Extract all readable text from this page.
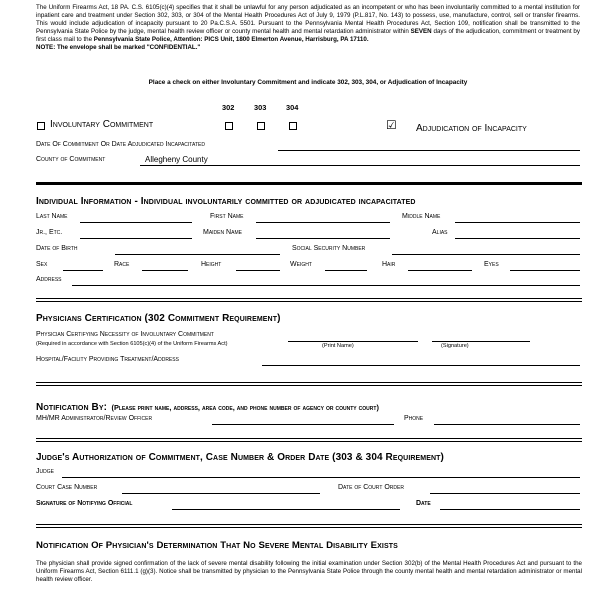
The Uniform Firearms Act, 18 PA. C.S. 6105(c)(4) specifies that it shall be unlawful for any person adjudicated as an incompetent or who has been involuntarily committed to a mental institution for inpatient care and treatment under Section 302, 303, or 304 of the Mental Health Procedures Act of July 9, 1979 (P.L.817, No. 143) to possess, use, manufacture, control, sell or transfer firearms. This would include adjudication of incapacity pursuant to 20 Pa.C.S.A. 5501. Pursuant to the Pennsylvania Mental Health Procedures Act, Section 109, notification shall be transmitted to the Pennsylvania State Police by the judge, mental health review officer or county mental health and mental retardation administrator within SEVEN days of the adjudication, commitment or treatment by first class mail to the Pennsylvania State Police, Attention: PICS Unit, 1800 Elmerton Avenue, Harrisburg, PA 17110.
NOTE: The envelope shall be marked "CONFIDENTIAL."
Place a check on either Involuntary Commitment and indicate 302, 303, 304, or Adjudication of Incapacity
302	303	304
Involuntary Commitment	☑ Adjudication of Incapacity
Date Of Commitment Or Date Adjudicated Incapacitated
County of Commitment	Allegheny County
Individual Information - Individual involuntarily committed or adjudicated incapacitated
Last Name	First Name	Middle Name
Jr., Etc.	Maiden Name	Alias
Date of Birth	Social Security Number
Sex	Race	Height	Weight	Hair	Eyes
Address
Physicians Certification (302 Commitment Requirement)
Physician Certifying Necessity of Involuntary Commitment
(Required in accordance with Section 6105(c)(4) of the Uniform Firearms Act)	(Print Name)	(Signature)
Hospital/Facility Providing Treatment/Address
Notification By: (Please print name, address, area code, and phone number of agency or county court)
MH/MR Administrator/Review Officer	Phone
Judge's Authorization of Commitment, Case Number & Order Date (303 & 304 Requirement)
Judge
Court Case Number	Date of Court Order
Signature of Notifying Official	Date
Notification Of Physician's Determination That No Severe Mental Disability Exists
The physician shall provide signed confirmation of the lack of severe mental disability following the initial examination under Section 302(b) of the Mental Health Procedures Act and pursuant to the Uniform Firearms Act, Section 6111.1 (g)(3). Notice shall be transmitted by physician to the Pennsylvania State Police through the county mental health and mental retardation administrator or mental health review officer.
